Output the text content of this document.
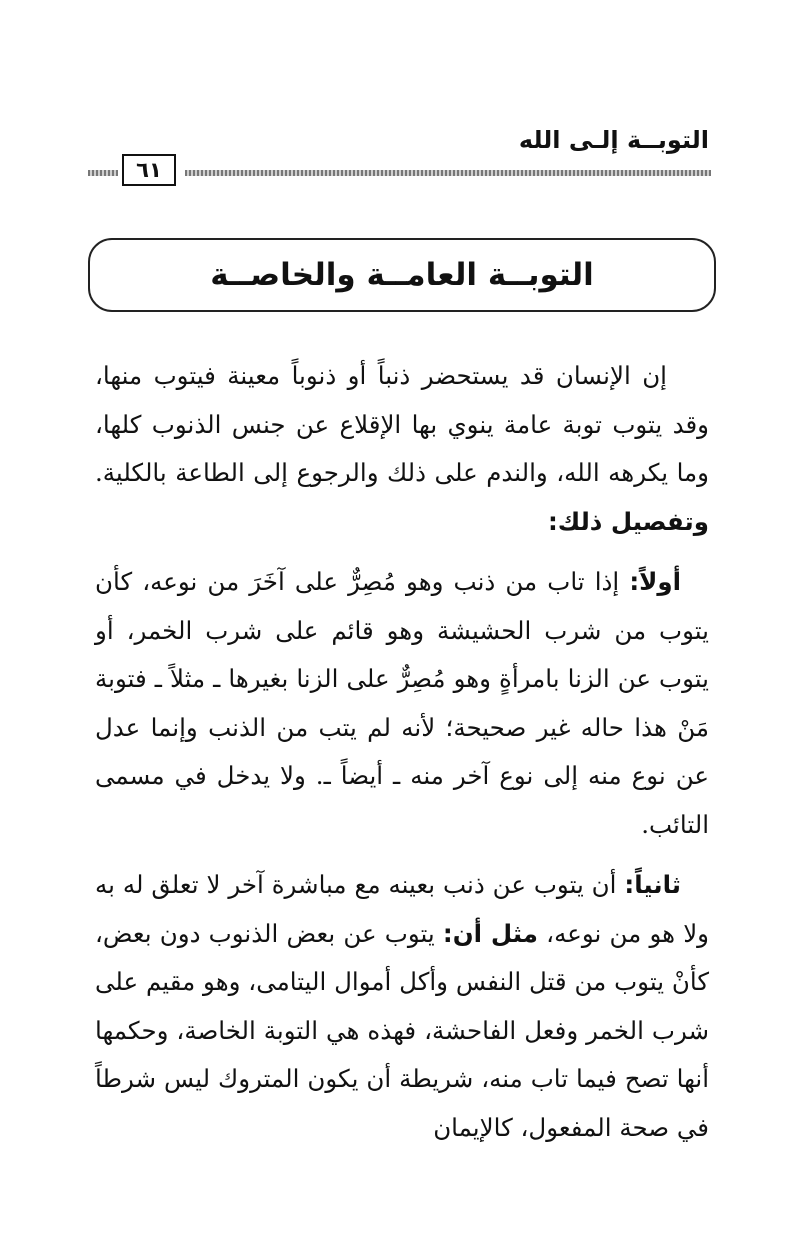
التوبــة إلـى الله
٦١
التوبــة العامــة والخاصــة

إن الإنسان قد يستحضر ذنباً أو ذنوباً معينة فيتوب منها، وقد يتوب توبة عامة ينوي بها الإقلاع عن جنس الذنوب كلها، وما يكرهه الله، والندم على ذلك والرجوع إلى الطاعة بالكلية. وتفصيل ذلك:

أولاً: إذا تاب من ذنب وهو مُصِرٌّ على آخَرَ من نوعه، كأن يتوب من شرب الحشيشة وهو قائم على شرب الخمر، أو يتوب عن الزنا بامرأةٍ وهو مُصِرٌّ على الزنا بغيرها ـ مثلاً ـ فتوبة مَنْ هذا حاله غير صحيحة؛ لأنه لم يتب من الذنب وإنما عدل عن نوع منه إلى نوع آخر منه ـ أيضاً ـ. ولا يدخل في مسمى التائب.

ثانياً: أن يتوب عن ذنب بعينه مع مباشرة آخر لا تعلق له به ولا هو من نوعه، مثل أن: يتوب عن بعض الذنوب دون بعض، كأنْ يتوب من قتل النفس وأكل أموال اليتامى، وهو مقيم على شرب الخمر وفعل الفاحشة، فهذه هي التوبة الخاصة، وحكمها أنها تصح فيما تاب منه، شريطة أن يكون المتروك ليس شرطاً في صحة المفعول، كالإيمان
